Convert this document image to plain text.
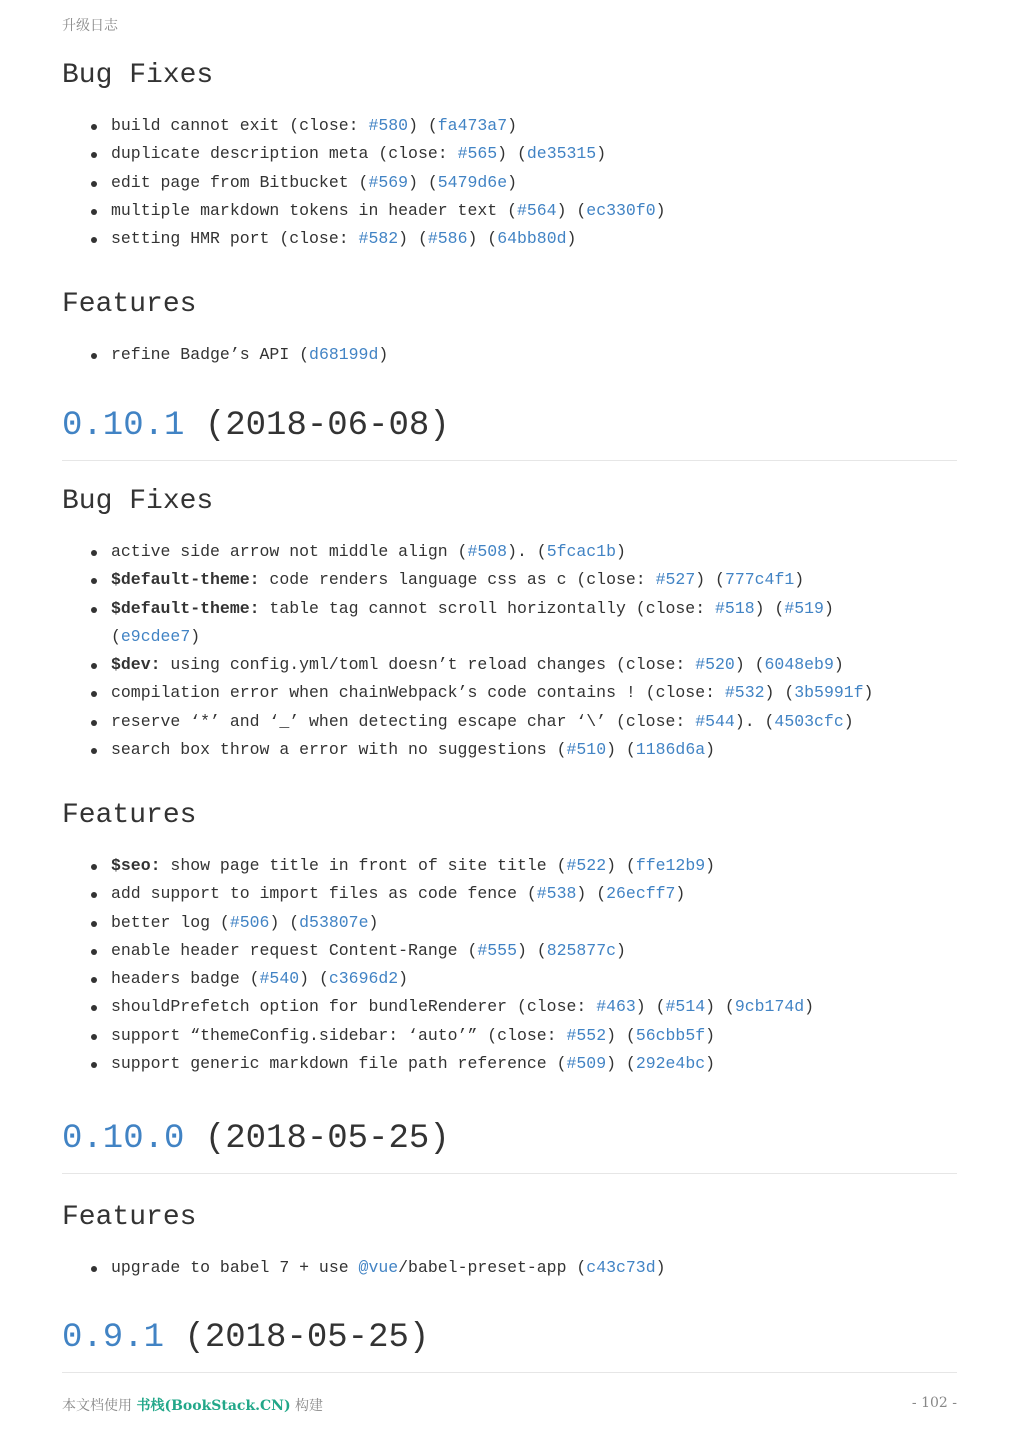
升级日志
Bug Fixes
build cannot exit (close: #580) (fa473a7)
duplicate description meta (close: #565) (de35315)
edit page from Bitbucket (#569) (5479d6e)
multiple markdown tokens in header text (#564) (ec330f0)
setting HMR port (close: #582) (#586) (64bb80d)
Features
refine Badge’s API (d68199d)
0.10.1 (2018-06-08)
Bug Fixes
active side arrow not middle align (#508). (5fcac1b)
$default-theme: code renders language css as c (close: #527) (777c4f1)
$default-theme: table tag cannot scroll horizontally (close: #518) (#519)
(e9cdee7)
$dev: using config.yml/toml doesn’t reload changes (close: #520) (6048eb9)
compilation error when chainWebpack’s code contains ! (close: #532) (3b5991f)
reserve ‘*’ and ‘_’ when detecting escape char ‘\’ (close: #544). (4503cfc)
search box throw a error with no suggestions (#510) (1186d6a)
Features
$seo: show page title in front of site title (#522) (ffe12b9)
add support to import files as code fence (#538) (26ecff7)
better log (#506) (d53807e)
enable header request Content-Range (#555) (825877c)
headers badge (#540) (c3696d2)
shouldPrefetch option for bundleRenderer (close: #463) (#514) (9cb174d)
support “themeConfig.sidebar: ‘auto’” (close: #552) (56cbb5f)
support generic markdown file path reference (#509) (292e4bc)
0.10.0 (2018-05-25)
Features
upgrade to babel 7 + use @vue/babel-preset-app (c43c73d)
0.9.1 (2018-05-25)
本文档使用 书栈(BookStack.CN) 构建	- 102 -
